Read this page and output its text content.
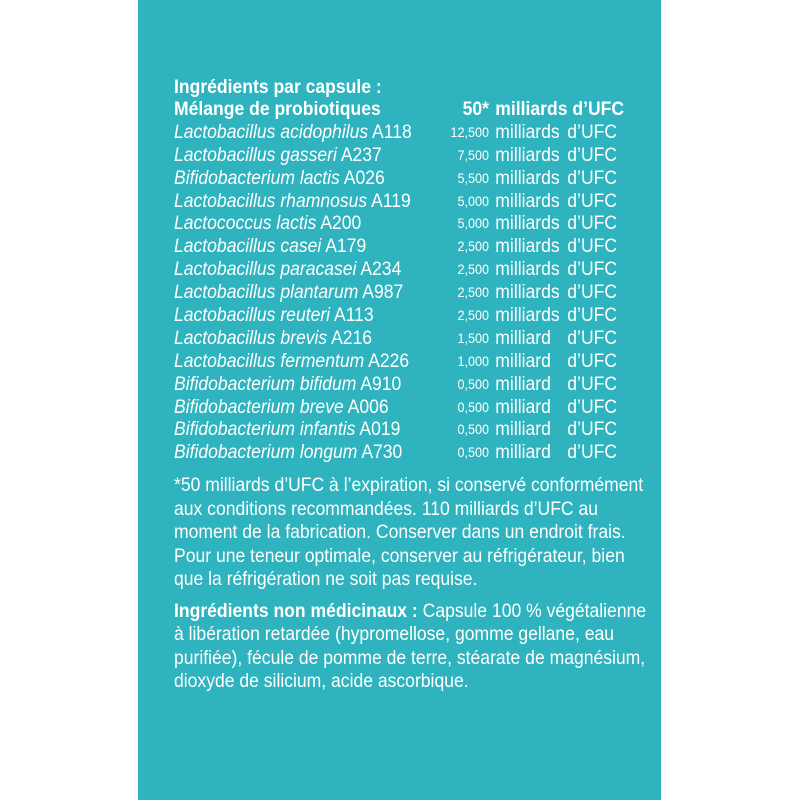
Ingrédients par capsule :
Mélange de probiotiques	50* milliards d’UFC
Lactobacillus acidophilus A118	12,500 milliards d’UFC
Lactobacillus gasseri A237	7,500 milliards d’UFC
Bifidobacterium lactis A026	5,500 milliards d’UFC
Lactobacillus rhamnosus A119	5,000 milliards d’UFC
Lactococcus lactis A200	5,000 milliards d’UFC
Lactobacillus casei A179	2,500 milliards d’UFC
Lactobacillus paracasei A234	2,500 milliards d’UFC
Lactobacillus plantarum A987	2,500 milliards d’UFC
Lactobacillus reuteri A113	2,500 milliards d’UFC
Lactobacillus brevis A216	1,500 milliard d’UFC
Lactobacillus fermentum A226	1,000 milliard d’UFC
Bifidobacterium bifidum A910	0,500 milliard d’UFC
Bifidobacterium breve A006	0,500 milliard d’UFC
Bifidobacterium infantis A019	0,500 milliard d’UFC
Bifidobacterium longum A730	0,500 milliard d’UFC
*50 milliards d’UFC à l’expiration, si conservé conformément
aux conditions recommandées. 110 milliards d’UFC au
moment de la fabrication. Conserver dans un endroit frais.
Pour une teneur optimale, conserver au réfrigérateur, bien
que la réfrigération ne soit pas requise.
Ingrédients non médicinaux : Capsule 100 % végétalienne
à libération retardée (hypromellose, gomme gellane, eau
purifiée), fécule de pomme de terre, stéarate de magnésium,
dioxyde de silicium, acide ascorbique.
